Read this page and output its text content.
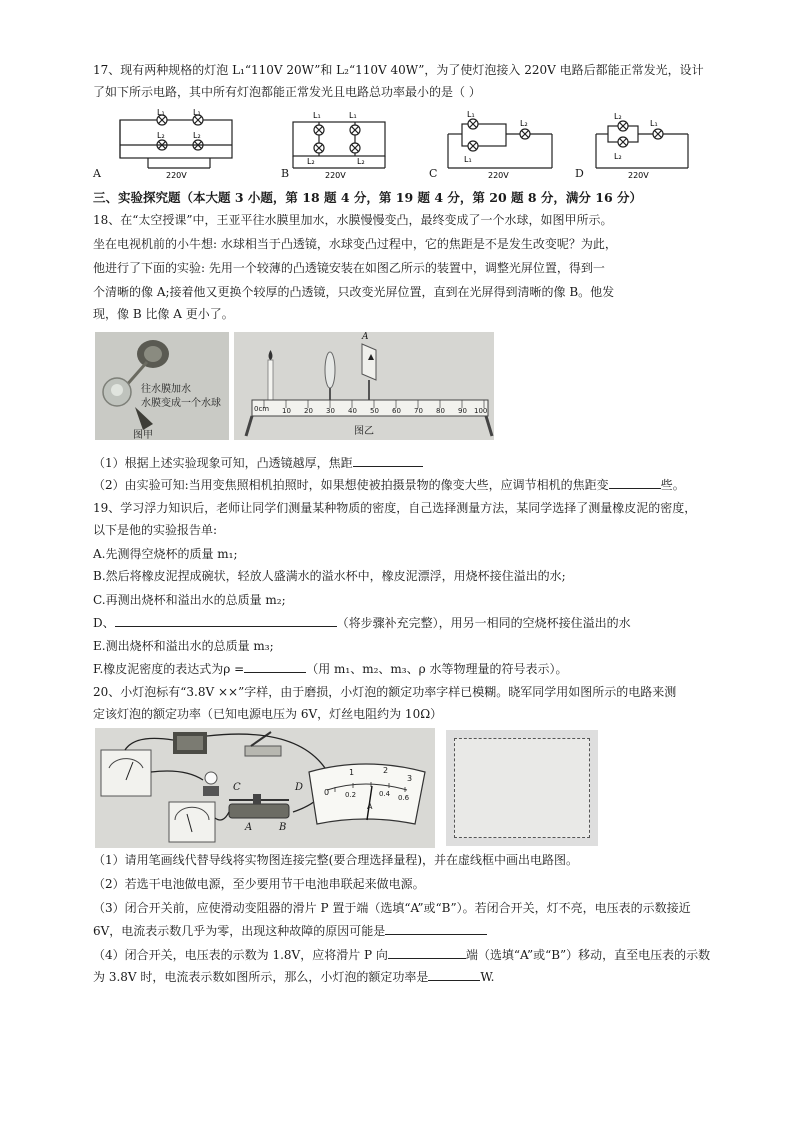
17、现有两种规格的灯泡 L₁“110V 20W”和 L₂“110V 40W”，为了使灯泡接入 220V 电路后都能正常发光，设计
了如下所示电路，其中所有灯泡都能正常发光且电路总功率最小的是（ ）
L₁	L₁
L₂	L₂
220V
A
L₁	L₁
L₂	L₂
220V
B
L₁
L₁
L₂
220V
C
L₂
L₂
L₁
220V
D
三、实验探究题（本大题 3 小题，第 18 题 4 分，第 19 题 4 分，第 20 题 8 分，满分 16 分）
18、在“太空授课”中，王亚平往水膜里加水，水膜慢慢变凸，最终变成了一个水球，如图甲所示。
坐在电视机前的小牛想: 水球相当于凸透镜，水球变凸过程中，它的焦距是不是发生改变呢？为此，
他进行了下面的实验: 先用一个较薄的凸透镜安装在如图乙所示的装置中，调整光屏位置，得到一
个清晰的像 A;接着他又更换个较厚的凸透镜，只改变光屏位置，直到在光屏得到清晰的像 B。他发
现，像 B 比像 A 更小了。
往水膜加水
水膜变成一个水球
图甲
A
0cm 10 20 30 40 50 60 70 80 90 100
图乙
（1）根据上述实验现象可知，凸透镜越厚，焦距
（2）由实验可知:当用变焦照相机拍照时，如果想使被拍摄景物的像变大些，应调节相机的焦距变	些。
19、学习浮力知识后，老师让同学们测量某种物质的密度，自己选择测量方法，某同学选择了测量橡皮泥的密度，
以下是他的实验报告单:
A.先测得空烧杯的质量 m₁;
B.然后将橡皮泥捏成碗状，轻放人盛满水的溢水杯中，橡皮泥漂浮，用烧杯接住溢出的水;
C.再测出烧杯和溢出水的总质量 m₂;
D、	（将步骤补充完整），用另一相同的空烧杯接住溢出的水
E.测出烧杯和溢出水的总质量 m₃;
F.橡皮泥密度的表达式为ρ =	（用 m₁、m₂、m₃、ρ 水等物理量的符号表示）。
20、小灯泡标有“3.8V ××”字样，由于磨损，小灯泡的额定功率字样已模糊。晓军同学用如图所示的电路来测
定该灯泡的额定功率（已知电源电压为 6V，灯丝电阻约为 10Ω）
C	D
A	B
0
1	2
3
0.2	0.4 0.6
A
（1）请用笔画线代替导线将实物图连接完整(要合理选择量程)，并在虚线框中画出电路图。
（2）若选干电池做电源，至少要用节干电池串联起来做电源。
（3）闭合开关前，应使滑动变阻器的滑片 P 置于端（选填“A”或“B”）。若闭合开关，灯不亮，电压表的示数接近
6V，电流表示数几乎为零，出现这种故障的原因可能是
（4）闭合开关，电压表的示数为 1.8V，应将滑片 P 向	端（选填“A”或“B”）移动，直至电压表的示数
为 3.8V 时，电流表示数如图所示，那么，小灯泡的额定功率是	W.
